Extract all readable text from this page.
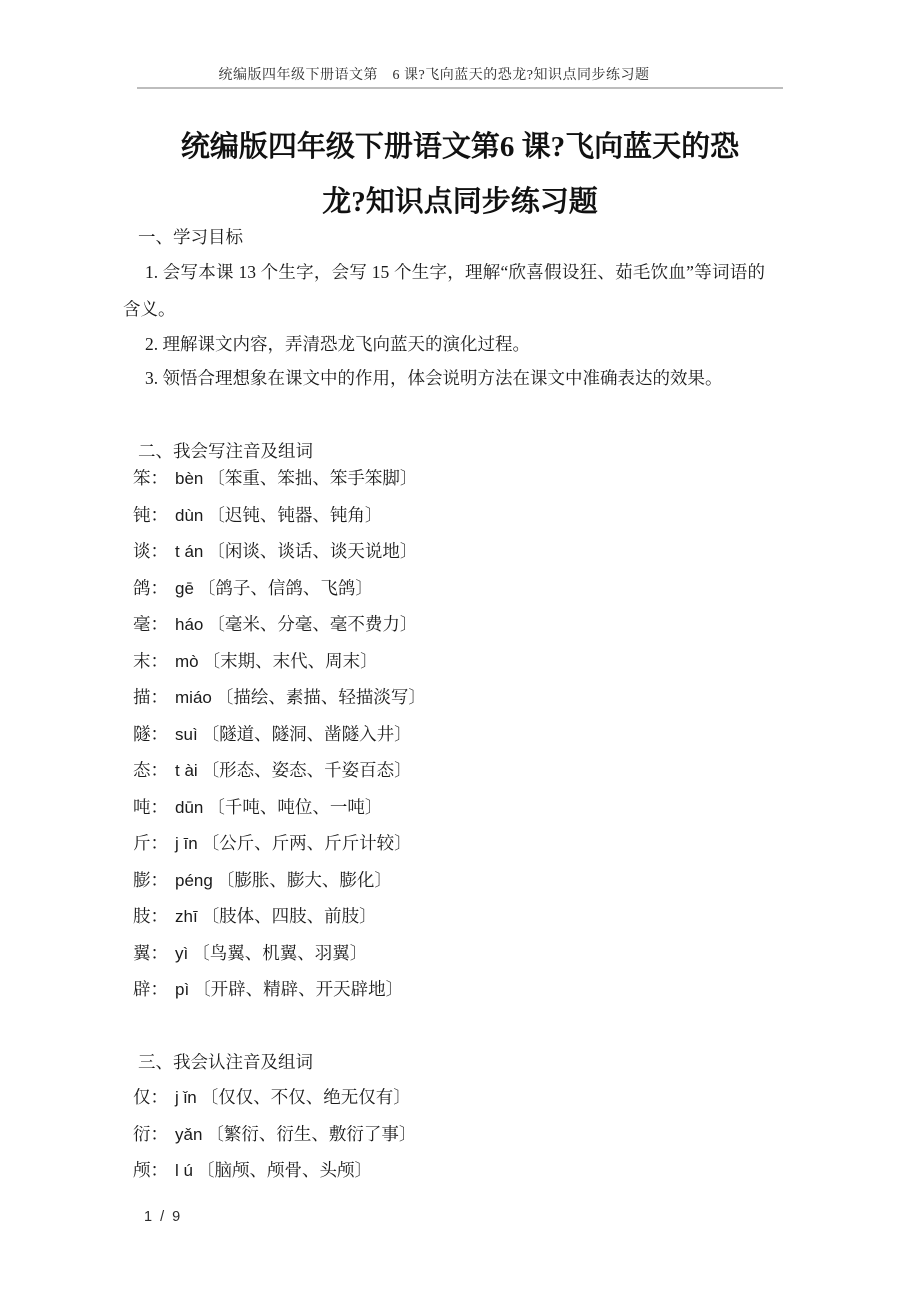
统编版四年级下册语文第　6 课?飞向蓝天的恐龙?知识点同步练习题
统编版四年级下册语文第6 课?飞向蓝天的恐龙?知识点同步练习题
一、学习目标

1. 会写本课 13 个生字，会写 15 个生字，理解“欣喜假设狂、茹毛饮血”等词语的含义。

2. 理解课文内容，弄清恐龙飞向蓝天的演化过程。

3. 领悟合理想象在课文中的作用，体会说明方法在课文中准确表达的效果。

二、我会写注音及组词
笨： bèn 〔笨重、笨拙、笨手笨脚〕
钝： dùn 〔迟钝、钝器、钝角〕
谈： t án 〔闲谈、谈话、谈天说地〕
鸽： gē 〔鸽子、信鸽、飞鸽〕
毫： háo 〔毫米、分毫、毫不费力〕
末： mò 〔末期、末代、周末〕
描： miáo 〔描绘、素描、轻描淡写〕
隧： suì 〔隧道、隧洞、凿隧入井〕
态： t ài 〔形态、姿态、千姿百态〕
吨： dūn 〔千吨、吨位、一吨〕
斤： j īn 〔公斤、斤两、斤斤计较〕
膨： péng 〔膨胀、膨大、膨化〕
肢： zhī 〔肢体、四肢、前肢〕
翼： yì 〔鸟翼、机翼、羽翼〕
辟： pì 〔开辟、精辟、开天辟地〕
三、我会认注音及组词
仅： j ǐn 〔仅仅、不仅、绝无仅有〕
衍： yǎn 〔繁衍、衍生、敷衍了事〕
颅： l ú 〔脑颅、颅骨、头颅〕
1 / 9
